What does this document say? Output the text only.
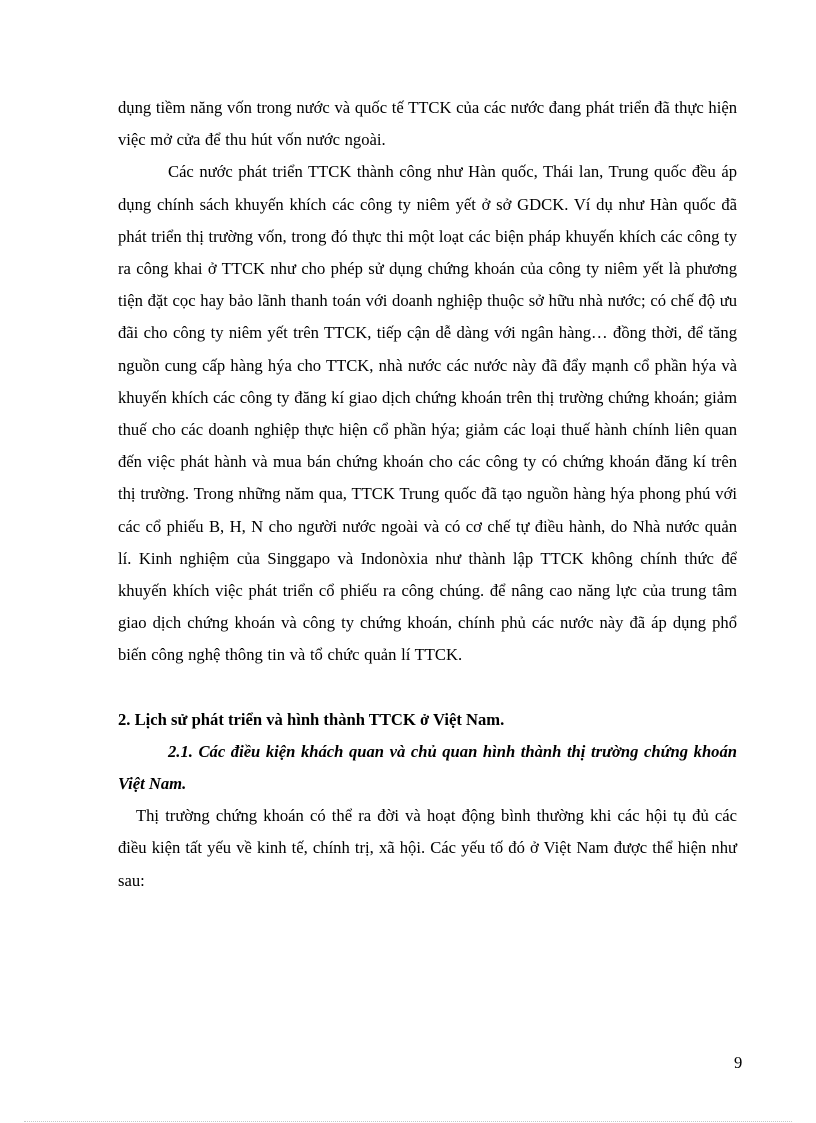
dụng tiềm năng vốn trong nước và quốc tế TTCK của các nước đang phát triển đã thực hiện việc mở cửa để thu hút vốn nước ngoài.

Các nước phát triển TTCK thành công như Hàn quốc, Thái lan, Trung quốc đều áp dụng chính sách khuyến khích các công ty niêm yết ở sở GDCK. Ví dụ như Hàn quốc đã phát triển thị trường vốn, trong đó thực thi một loạt các biện pháp khuyến khích các công ty ra công khai ở TTCK như cho phép sử dụng chứng khoán của công ty niêm yết là phương tiện đặt cọc hay bảo lãnh thanh toán với doanh nghiệp thuộc sở hữu nhà nước; có chế độ ưu đãi cho công ty niêm yết trên TTCK, tiếp cận dễ dàng với ngân hàng… đồng thời, để tăng nguồn cung cấp hàng hýa cho TTCK, nhà nước các nước này đã đẩy mạnh cổ phần hýa và khuyến khích các công ty đăng kí giao dịch chứng khoán trên thị trường chứng khoán; giảm thuế cho các doanh nghiệp thực hiện cổ phần hýa; giảm các loại thuế hành chính liên quan đến việc phát hành và mua bán chứng khoán cho các công ty có chứng khoán đăng kí trên thị trường. Trong những năm qua, TTCK Trung quốc đã tạo nguồn hàng hýa phong phú với các cổ phiếu B, H, N cho người nước ngoài và có cơ chế tự điều hành, do Nhà nước quản lí. Kinh nghiệm của Singgapo và Indonòxia như thành lập TTCK không chính thức để khuyến khích việc phát triển cổ phiếu ra công chúng. để nâng cao năng lực của trung tâm giao dịch chứng khoán và công ty chứng khoán, chính phủ các nước này đã áp dụng phổ biến công nghệ thông tin và tổ chức quản lí TTCK.

2. Lịch sử phát triển và hình thành TTCK ở Việt Nam.

2.1. Các điều kiện khách quan và chủ quan hình thành thị trường chứng khoán Việt Nam.

Thị trường chứng khoán có thể ra đời và hoạt động bình thường khi các hội tụ đủ các điều kiện tất yếu về kinh tế, chính trị, xã hội. Các yếu tố đó ở Việt Nam được thể hiện như sau:

9
